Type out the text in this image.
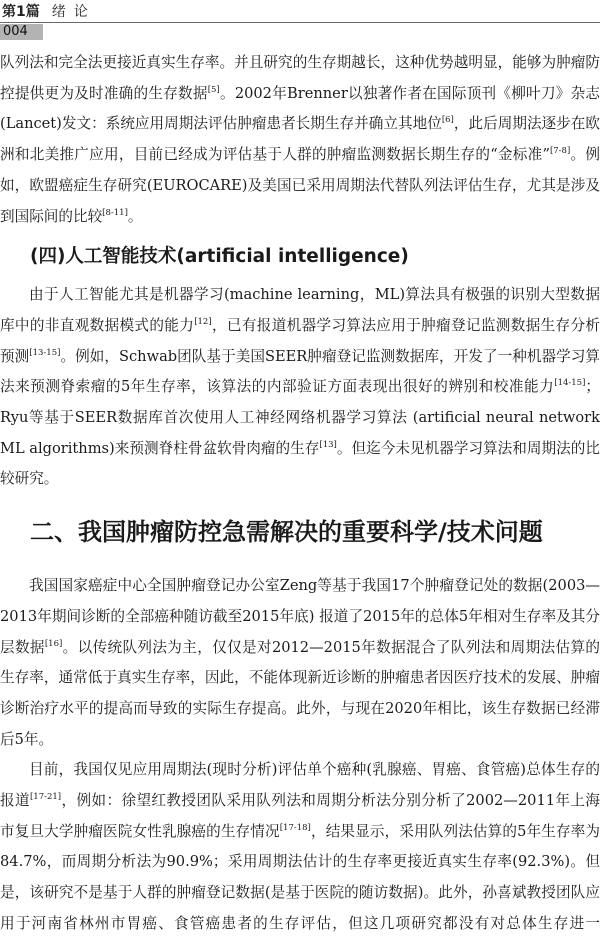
第1篇 绪论
004

队列法和完全法更接近真实生存率。并且研究的生存期越长，这种优势越明显，能够为肿瘤防控提供更为及时准确的生存数据[5]。2002年Brenner以独著作者在国际顶刊《柳叶刀》杂志(Lancet)发文：系统应用周期法评估肿瘤患者长期生存并确立其地位[6]，此后周期法逐步在欧洲和北美推广应用，目前已经成为评估基于人群的肿瘤监测数据长期生存的“金标准”[7-8]。例如，欧盟癌症生存研究(EUROCARE)及美国已采用周期法代替队列法评估生存，尤其是涉及到国际间的比较[8-11]。

(四)人工智能技术(artificial intelligence)

由于人工智能尤其是机器学习(machine learning，ML)算法具有极强的识别大型数据库中的非直观数据模式的能力[12]，已有报道机器学习算法应用于肿瘤登记监测数据生存分析预测[13-15]。例如，Schwab团队基于美国SEER肿瘤登记监测数据库，开发了一种机器学习算法来预测脊索瘤的5年生存率，该算法的内部验证方面表现出很好的辨别和校准能力[14-15]；Ryu等基于SEER数据库首次使用人工神经网络机器学习算法 (artificial neural network ML algorithms)来预测脊柱骨盆软骨肉瘤的生存[13]。但迄今未见机器学习算法和周期法的比较研究。

二、我国肿瘤防控急需解决的重要科学/技术问题

我国国家癌症中心全国肿瘤登记办公室Zeng等基于我国17个肿瘤登记处的数据(2003—2013年期间诊断的全部癌种随访截至2015年底) 报道了2015年的总体5年相对生存率及其分层数据[16]。以传统队列法为主，仅仅是对2012—2015年数据混合了队列法和周期法估算的生存率，通常低于真实生存率，因此，不能体现新近诊断的肿瘤患者因医疗技术的发展、肿瘤诊断治疗水平的提高而导致的实际生存提高。此外，与现在2020年相比，该生存数据已经滞后5年。

目前，我国仅见应用周期法(现时分析)评估单个癌种(乳腺癌、胃癌、食管癌)总体生存的报道[17-21]，例如：徐望红教授团队采用队列法和周期分析法分别分析了2002—2011年上海市复旦大学肿瘤医院女性乳腺癌的生存情况[17-18]，结果显示，采用队列法估算的5年生存率为84.7%，而周期分析法为90.9%；采用周期法估计的生存率更接近真实生存率(92.3%)。但是，该研究不是基于人群的肿瘤登记数据(是基于医院的随访数据)。此外，孙喜斌教授团队应用于河南省林州市胃癌、食管癌患者的生存评估，但这几项研究都没有对总体生存进一
